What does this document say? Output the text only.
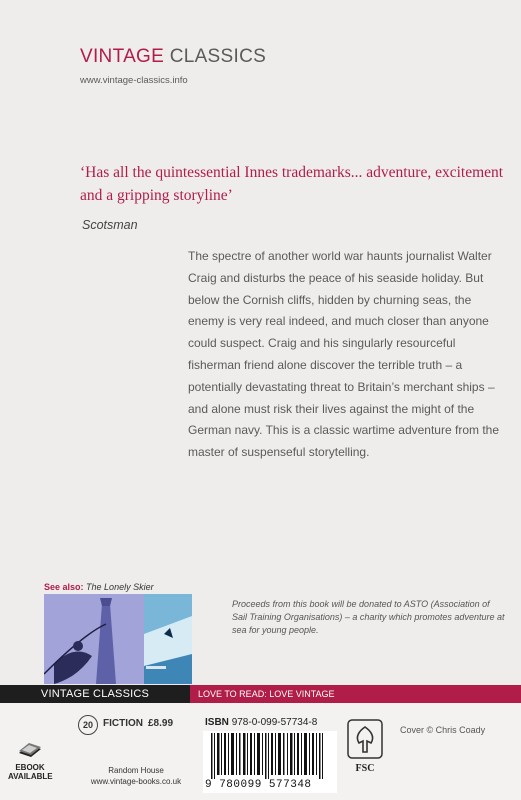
VINTAGE CLASSICS
www.vintage-classics.info
‘Has all the quintessential Innes trademarks... adventure, excitement and a gripping storyline’
Scotsman
The spectre of another world war haunts journalist Walter Craig and disturbs the peace of his seaside holiday. But below the Cornish cliffs, hidden by churning seas, the enemy is very real indeed, and much closer than anyone could suspect. Craig and his singularly resourceful fisherman friend alone discover the terrible truth – a potentially devastating threat to Britain’s merchant ships – and alone must risk their lives against the might of the German navy. This is a classic wartime adventure from the master of suspenseful storytelling.
See also: The Lonely Skier
Proceeds from this book will be donated to ASTO (Association of Sail Training Organisations) – a charity which promotes adventure at sea for young people.
VINTAGE CLASSICS	LOVE TO READ: LOVE VINTAGE
20	FICTION £8.99	ISBN 978-0-099-57734-8
9 780099 577348
FSC
Cover © Chris Coady
EBOOK AVAILABLE
Random House
www.vintage-books.co.uk
